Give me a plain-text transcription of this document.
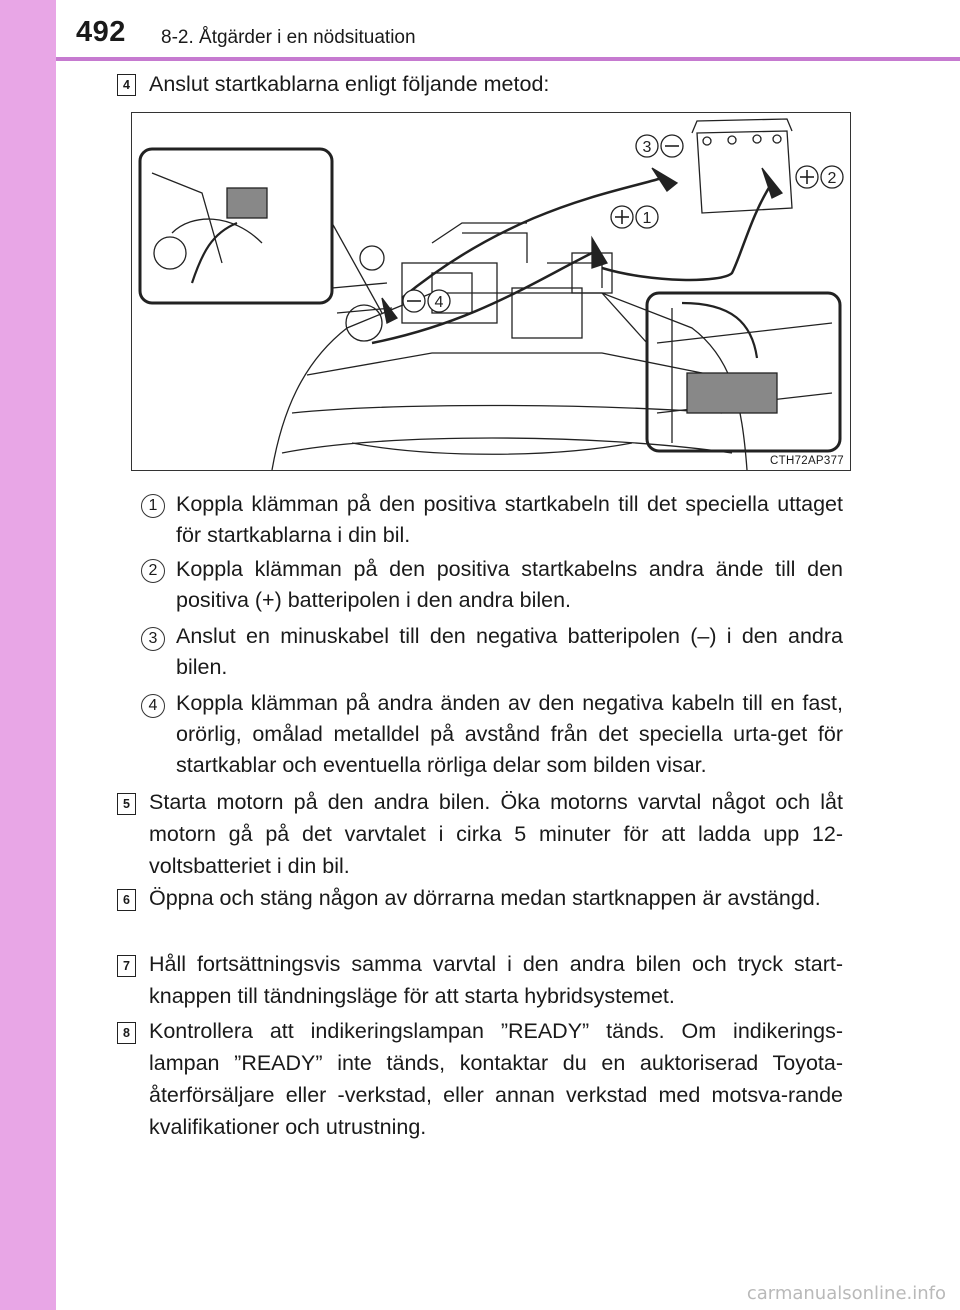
492 8-2. Åtgärder i en nödsituation
4 Anslut startkablarna enligt följande metod:
3
2
1
4
CTH72AP377
1 Koppla klämman på den positiva startkabeln till det speciella uttaget för startkablarna i din bil.
2 Koppla klämman på den positiva startkabelns andra ände till den positiva (+) batteripolen i den andra bilen.
3 Anslut en minuskabel till den negativa batteripolen (–) i den andra bilen.
4 Koppla klämman på andra änden av den negativa kabeln till en fast, orörlig, omålad metalldel på avstånd från det speciella urta-get för startkablar och eventuella rörliga delar som bilden visar.
5 Starta motorn på den andra bilen. Öka motorns varvtal något och låt motorn gå på det varvtalet i cirka 5 minuter för att ladda upp 12-voltsbatteriet i din bil.
6 Öppna och stäng någon av dörrarna medan startknappen är avstängd.
7 Håll fortsättningsvis samma varvtal i den andra bilen och tryck start-knappen till tändningsläge för att starta hybridsystemet.
8 Kontrollera att indikeringslampan ”READY” tänds. Om indikerings-lampan ”READY” inte tänds, kontaktar du en auktoriserad Toyota-återförsäljare eller -verkstad, eller annan verkstad med motsva-rande kvalifikationer och utrustning.
carmanualsonline.info
